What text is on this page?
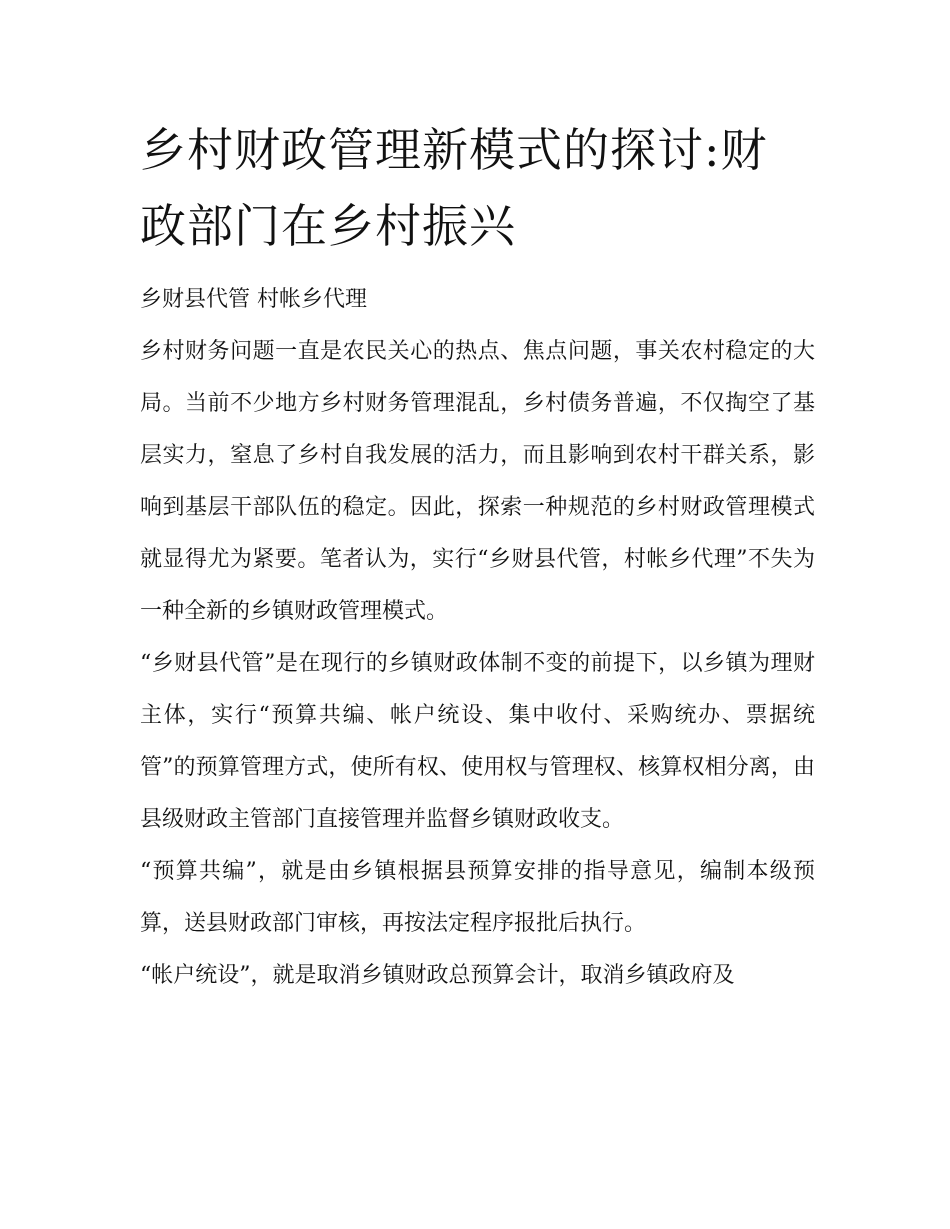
乡村财政管理新模式的探讨:财政部门在乡村振兴

乡财县代管 村帐乡代理

乡村财务问题一直是农民关心的热点、焦点问题，事关农村稳定的大局。当前不少地方乡村财务管理混乱，乡村债务普遍，不仅掏空了基层实力，窒息了乡村自我发展的活力，而且影响到农村干群关系，影响到基层干部队伍的稳定。因此，探索一种规范的乡村财政管理模式就显得尤为紧要。笔者认为，实行“乡财县代管，村帐乡代理”不失为一种全新的乡镇财政管理模式。

“乡财县代管”是在现行的乡镇财政体制不变的前提下，以乡镇为理财主体，实行“预算共编、帐户统设、集中收付、采购统办、票据统管”的预算管理方式，使所有权、使用权与管理权、核算权相分离，由县级财政主管部门直接管理并监督乡镇财政收支。

“预算共编”，就是由乡镇根据县预算安排的指导意见，编制本级预算，送县财政部门审核，再按法定程序报批后执行。

“帐户统设”，就是取消乡镇财政总预算会计，取消乡镇政府及
